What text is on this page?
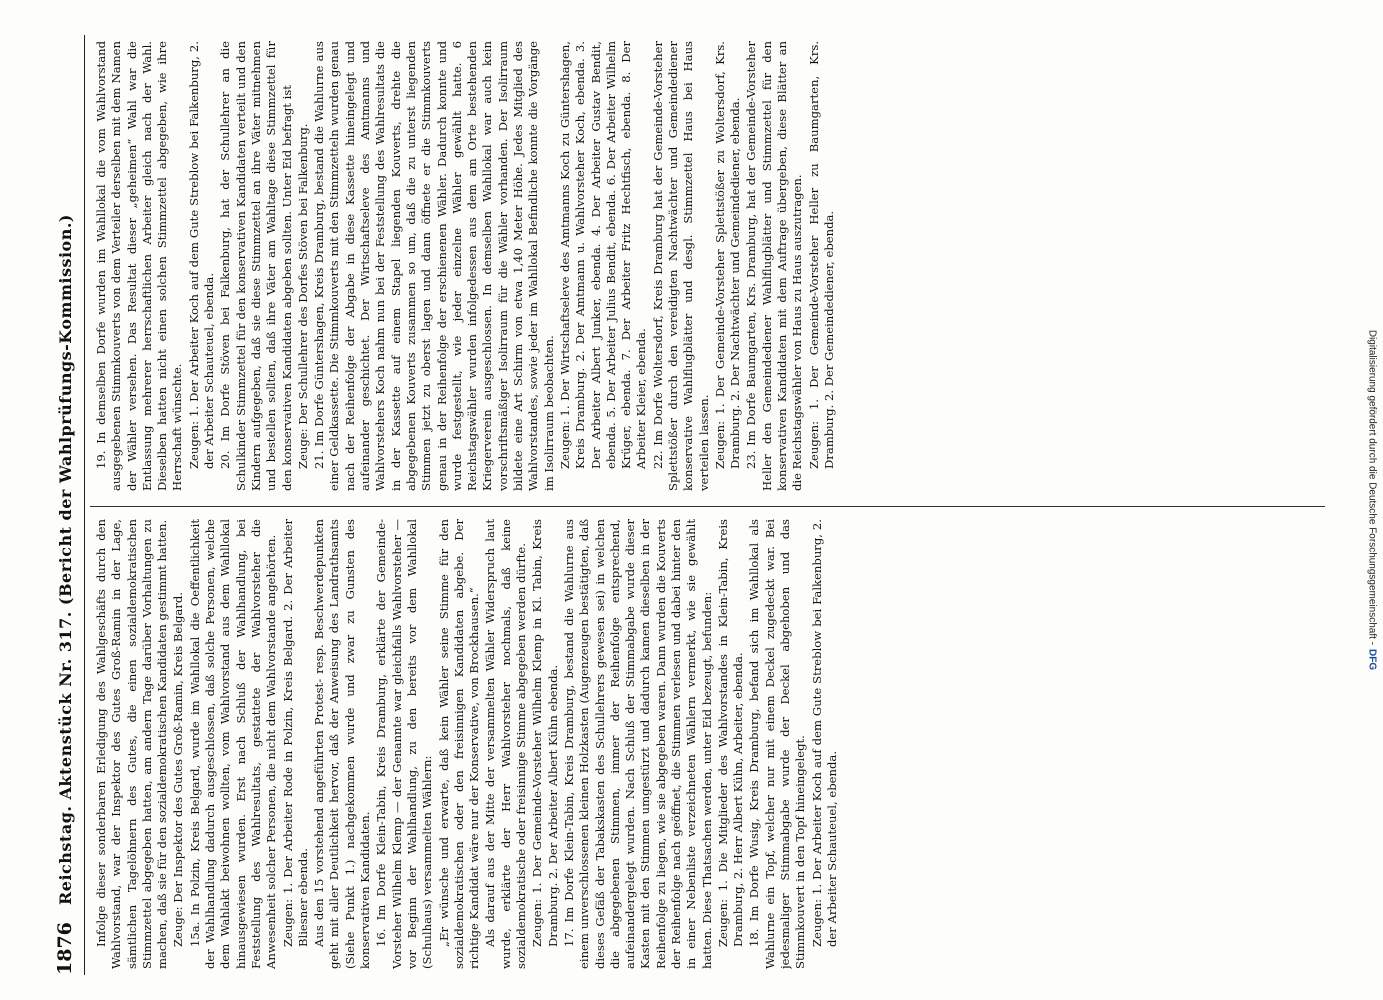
1876
Reichstag. Aktenstück Nr. 317. (Bericht der Wahlprüfungs-Kommission.) Infolge dieser sonderbaren Erledigung des Wahlgeschäfts durch den Wahlvorstand, war der Inspektor des Gutes Groß-Ramin in der Lage, sämtlichen Tagelöhnern des Gutes, die einen sozialdemokratischen Stimmzettel abgegeben hatten, am andern Tage darüber Vorhaltungen zu machen, daß sie für den sozialdemokratischen Kandidaten gestimmt hatten. Zeuge: Der Inspektor des Gutes Groß-Ramin, Kreis Belgard. 15a. In Polzin, Kreis Belgard, wurde im Wahllokal die Oeffentlichkeit der Wahlhandlung dadurch ausgeschlossen, daß solche Personen, welche dem Wahlakt beiwohnen wollten, vom Wahlvorstand aus dem Wahllokal hinausgewiesen wurden. Erst nach Schluß der Wahlhandlung, bei Feststellung des Wahlresultats, gestattete der Wahlvorsteher die Anwesenheit solcher Personen, die nicht dem Wahlvorstande angehörten. Zeugen: 1. Der Arbeiter Rode in Polzin, Kreis Belgard. 2. Der Arbeiter Bliesner ebenda. Aus den 15 vorstehend angeführten Protest- resp. Beschwerdepunkten geht mit aller Deutlichkeit hervor, daß der Anweisung des Landrathsamts (Siehe Punkt 1.) nachgekommen wurde und zwar zu Gunsten des konservativen Kandidaten. 16. Im Dorfe Klein-Tabin, Kreis Dramburg, erklärte der Gemeinde-Vorsteher Wilhelm Klemp — der Genannte war gleichfalls Wahlvorsteher — vor Beginn der Wahlhandlung, zu den bereits vor dem Wahllokal (Schulhaus) versammelten Wählern: „Er wünsche und erwarte, daß kein Wähler seine Stimme für den sozialdemokratischen oder den freisinnigen Kandidaten abgebe. Der richtige Kandidat wäre nur der Konservative, von Brockhausen.“ Als darauf aus der Mitte der versammelten Wähler Widerspruch laut wurde, erklärte der Herr Wahlvorsteher nochmals, daß keine sozialdemokratische oder freisinnige Stimme abgegeben werden dürfte. Zeugen: 1. Der Gemeinde-Vorsteher Wilhelm Klemp in Kl. Tabin, Kreis Dramburg. 2. Der Arbeiter Albert Kühn ebenda. 17. Im Dorfe Klein-Tabin, Kreis Dramburg, bestand die Wahlurne aus einem unverschlossenen kleinen Holzkasten (Augenzeugen bestätigten, daß dieses Gefäß der Tabakskasten des Schullehrers gewesen sei) in welchen die abgegebenen Stimmen, immer der Reihenfolge entsprechend, aufeinandergelegt wurden. Nach Schluß der Stimmabgabe wurde dieser Kasten mit den Stimmen umgestürzt und dadurch kamen dieselben in der Reihenfolge zu liegen, wie sie abgegeben waren. Dann wurden die Kouverts der Reihenfolge nach geöffnet, die Stimmen verlesen und dabei hinter den in einer Nebenliste verzeichneten Wählern vermerkt, wie sie gewählt hatten. Diese Thatsachen werden, unter Eid bezeugt, befunden: Zeugen: 1. Die Mitglieder des Wahlvorstandes in Klein-Tabin, Kreis Dramburg, 2. Herr Albert Kühn, Arbeiter, ebenda. 18. Im Dorfe Wusig, Kreis Dramburg, befand sich im Wahllokal als Wahlurne ein Topf, welcher nur mit einem Deckel zugedeckt war. Bei jedesmaliger Stimmabgabe wurde der Deckel abgehoben und das Stimmkouvert in den Topf hineingelegt. Zeugen: 1. Der Arbeiter Koch auf dem Gute Streblow bei Falkenburg, 2. der Arbeiter Schauteuel, ebenda.

19. In demselben Dorfe wurden im Wahllokal die vom Wahlvorstand ausgegebenen Stimmkouverts von dem Verteiler derselben mit dem Namen der Wähler versehen. Das Resultat dieser „geheimen“ Wahl war die Entlassung mehrerer herrschaftlichen Arbeiter gleich nach der Wahl. Dieselben hatten nicht einen solchen Stimmzettel abgegeben, wie ihre Herrschaft wünschte. Zeugen: 1. Der Arbeiter Koch auf dem Gute Streblow bei Falkenburg, 2. der Arbeiter Schauteuel, ebenda. 20. Im Dorfe Stöven bei Falkenburg, hat der Schullehrer an die Schulkinder Stimmzettel für den konservativen Kandidaten verteilt und den Kindern aufgegeben, daß sie diese Stimmzettel an ihre Väter mitnehmen und bestellen sollten, daß ihre Väter am Wahltage diese Stimmzettel für den konservativen Kandidaten abgeben sollten. Unter Eid befragt ist Zeuge: Der Schullehrer des Dorfes Stöven bei Falkenburg. 21. Im Dorfe Güntershagen, Kreis Dramburg, bestand die Wahlurne aus einer Geldkassette. Die Stimmkouverts mit den Stimmzetteln wurden genau nach der Reihenfolge der Abgabe in diese Kassette hineingelegt und aufeinander geschichtet. Der Wirtschaftseleve des Amtmanns und Wahlvorstehers Koch nahm nun bei der Feststellung des Wahlresultats die in der Kassette auf einem Stapel liegenden Kouverts, drehte die abgegebenen Kouverts zusammen so um, daß die zu unterst liegenden Stimmen jetzt zu oberst lagen und dann öffnete er die Stimmkouverts genau in der Reihenfolge der erschienenen Wähler. Dadurch konnte und wurde festgestellt, wie jeder einzelne Wähler gewählt hatte. 6 Reichstagswähler wurden infolgedessen aus dem am Orte bestehenden Kriegerverein ausgeschlossen. In demselben Wahllokal war auch kein vorschriftsmäßiger Isolirraum für die Wähler vorhanden. Der Isolirraum bildete eine Art Schirm von etwa 1,40 Meter Höhe. Jedes Mitglied des Wahlvorstandes, sowie jeder im Wahllokal Befindliche konnte die Vorgänge im Isolirraum beobachten. Zeugen: 1. Der Wirtschaftseleve des Amtmanns Koch zu Güntershagen, Kreis Dramburg. 2. Der Amtmann u. Wahlvorsteher Koch, ebenda. 3. Der Arbeiter Albert Junker, ebenda. 4. Der Arbeiter Gustav Bendit, ebenda. 5. Der Arbeiter Julius Bendit, ebenda. 6. Der Arbeiter Wilhelm Krüger, ebenda. 7. Der Arbeiter Fritz Hechtfisch, ebenda. 8. Der Arbeiter Kleier, ebenda. 22. Im Dorfe Woltersdorf, Kreis Dramburg hat der Gemeinde-Vorsteher Splettstößer durch den vereidigten Nachtwächter und Gemeindediener konservative Wahlflugblätter und desgl. Stimmzettel Haus bei Haus verteilen lassen. Zeugen: 1. Der Gemeinde-Vorsteher Splettstößer zu Woltersdorf, Krs. Dramburg. 2. Der Nachtwächter und Gemeindediener, ebenda. 23. Im Dorfe Baumgarten, Krs. Dramburg, hat der Gemeinde-Vorsteher Heller den Gemeindediener Wahlflugblätter und Stimmzettel für den konservativen Kandidaten mit dem Auftrage übergeben, diese Blätter an die Reichstagswähler von Haus zu Haus auszutragen. Zeugen: 1. Der Gemeinde-Vorsteher Heller zu Baumgarten, Krs. Dramburg. 2. Der Gemeindediener, ebenda.	Digitalisierung gefördert durch die Deutsche Forschungsgemeinschaft -DFG
